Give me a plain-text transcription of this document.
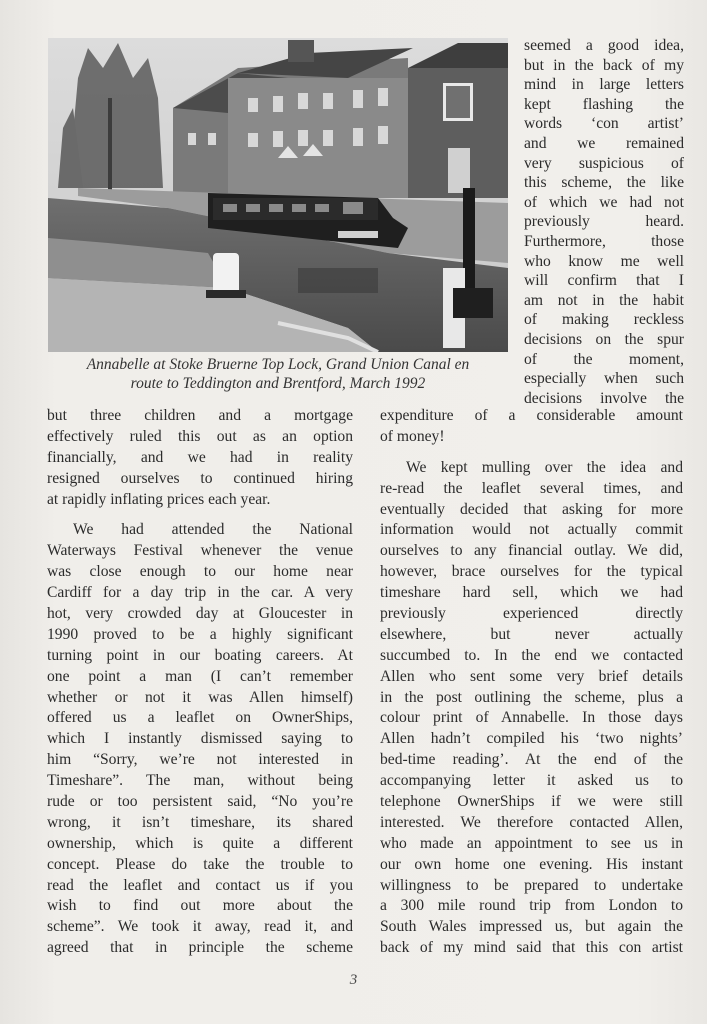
Annabelle at Stoke Bruerne Top Lock, Grand Union Canal en
route to Teddington and Brentford, March 1992
seemed a good idea,
but in the back of my
mind in large letters
kept flashing the
words ‘con artist’
and we remained
very suspicious of
this scheme, the like
of which we had not
previously heard.
Furthermore, those
who know me well
will confirm that I
am not in the habit
of making reckless
decisions on the spur
of the moment,
especially when such
decisions involve the
but three children and a mortgage
effectively ruled this out as an option
financially, and we had in reality
resigned ourselves to continued hiring
at rapidly inflating prices each year.
We had attended the National
Waterways Festival whenever the venue
was close enough to our home near
Cardiff for a day trip in the car. A very
hot, very crowded day at Gloucester in
1990 proved to be a highly significant
turning point in our boating careers. At
one point a man (I can’t remember
whether or not it was Allen himself)
offered us a leaflet on OwnerShips,
which I instantly dismissed saying to
him “Sorry, we’re not interested in
Timeshare”. The man, without being
rude or too persistent said, “No you’re
wrong, it isn’t timeshare, its shared
ownership, which is quite a different
concept. Please do take the trouble to
read the leaflet and contact us if you
wish to find out more about the
scheme”. We took it away, read it, and
agreed that in principle the scheme
expenditure of a considerable amount
of money!
We kept mulling over the idea and
re-read the leaflet several times, and
eventually decided that asking for more
information would not actually commit
ourselves to any financial outlay. We did,
however, brace ourselves for the typical
timeshare hard sell, which we had
previously experienced directly
elsewhere, but never actually
succumbed to. In the end we contacted
Allen who sent some very brief details
in the post outlining the scheme, plus a
colour print of Annabelle. In those days
Allen hadn’t compiled his ‘two nights’
bed-time reading’. At the end of the
accompanying letter it asked us to
telephone OwnerShips if we were still
interested. We therefore contacted Allen,
who made an appointment to see us in
our own home one evening. His instant
willingness to be prepared to undertake
a 300 mile round trip from London to
South Wales impressed us, but again the
back of my mind said that this con artist
3
